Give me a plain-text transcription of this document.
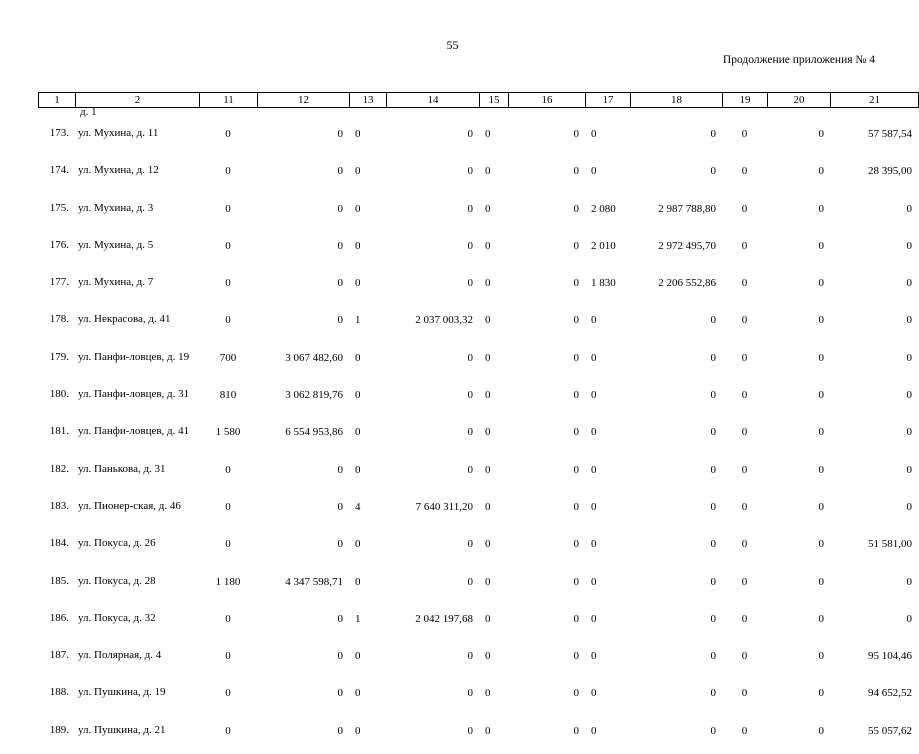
55
Продолжение приложения № 4
1	2	11	12	13	14	15	16	17	18	19	20	21
д. 1
173.	ул. Мухина, д. 11	0	0	0	0	0	0	0	0	0	0	57 587,54
174.	ул. Мухина, д. 12	0	0	0	0	0	0	0	0	0	0	28 395,00
175.	ул. Мухина, д. 3	0	0	0	0	0	0	2 080	2 987 788,80	0	0	0
176.	ул. Мухина, д. 5	0	0	0	0	0	0	2 010	2 972 495,70	0	0	0
177.	ул. Мухина, д. 7	0	0	0	0	0	0	1 830	2 206 552,86	0	0	0
178.	ул. Некрасова, д. 41	0	0	1	2 037 003,32	0	0	0	0	0	0	0
179.	ул. Панфи-ловцев, д. 19	700	3 067 482,60	0	0	0	0	0	0	0	0	0
180.	ул. Панфи-ловцев, д. 31	810	3 062 819,76	0	0	0	0	0	0	0	0	0
181.	ул. Панфи-ловцев, д. 41	1 580	6 554 953,86	0	0	0	0	0	0	0	0	0
182.	ул. Панькова, д. 31	0	0	0	0	0	0	0	0	0	0	0
183.	ул. Пионер-ская, д. 46	0	0	4	7 640 311,20	0	0	0	0	0	0	0
184.	ул. Покуса, д. 26	0	0	0	0	0	0	0	0	0	0	51 581,00
185.	ул. Покуса, д. 28	1 180	4 347 598,71	0	0	0	0	0	0	0	0	0
186.	ул. Покуса, д. 32	0	0	1	2 042 197,68	0	0	0	0	0	0	0
187.	ул. Полярная, д. 4	0	0	0	0	0	0	0	0	0	0	95 104,46
188.	ул. Пушкина, д. 19	0	0	0	0	0	0	0	0	0	0	94 652,52
189.	ул. Пушкина, д. 21	0	0	0	0	0	0	0	0	0	0	55 057,62
